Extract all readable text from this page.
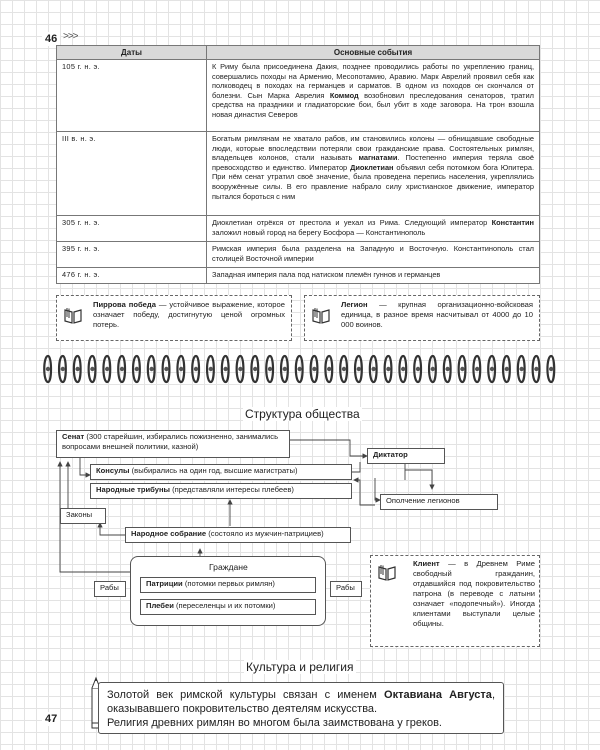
46 >>>
Даты	Основные события
105 г. н. э.	К Риму была присоединена Дакия, позднее проводились работы по укреплению границ, совершались походы на Армению, Месопотамию, Аравию. Марк Аврелий проявил себя как полководец в походах на германцев и сарматов. В одном из походов он скончался от болезни. Сын Марка Аврелия Коммод возобновил преследования сенаторов, тратил средства на праздники и гладиаторские бои, был убит в ходе заговора. На трон взошла новая династия Северов
III в. н. э.	Богатым римлянам не хватало рабов, им становились колоны — обнищавшие свободные люди, которые впоследствии потеряли свои гражданские права. Состоятельных римлян, владельцев колонов, стали называть магнатами. Постепенно империя теряла своё превосходство и единство. Император Диоклетиан объявил себя потомком бога Юпитера. При нём сенат утратил своё значение, была проведена перепись населения, укреплялись вооружённые силы. В его правление набрало силу христианское движение, император пытался бороться с ним
305 г. н. э.	Диоклетиан отрёкся от престола и уехал из Рима. Следующий император Константин заложил новый город на берегу Босфора — Константинополь
395 г. н. э.	Римская империя была разделена на Западную и Восточную. Константинополь стал столицей Восточной империи
476 г. н. э.	Западная империя пала под натиском племён гуннов и германцев
Пиррова победа — устойчивое выражение, которое означает победу, достигнутую ценой огромных потерь.
Легион — крупная организационно-войсковая единица, в разное время насчитывал от 4000 до 10 000 воинов.
Структура общества
Сенат (300 старейшин, избирались пожизненно, занимались вопросами внешней политики, казной)
Консулы (выбирались на один год, высшие магистраты)
Народные трибуны (представляли интересы плебеев)
Диктатор
Ополчение легионов
Законы
Народное собрание (состояло из мужчин-патрициев)
Граждане
Патриции (потомки первых римлян)
Плебеи (переселенцы и их потомки)
Рабы	Рабы
Клиент — в Древнем Риме свободный гражданин, отдавшийся под покровительство патрона (в переводе с латыни означает «подопечный»). Иногда клиентами выступали целые общины.
Культура и религия

Золотой век римской культуры связан с именем Октавиана Августа, оказывавшего покровительство деятелям искусства.

Религия древних римлян во многом была заимствована у греков.

47
